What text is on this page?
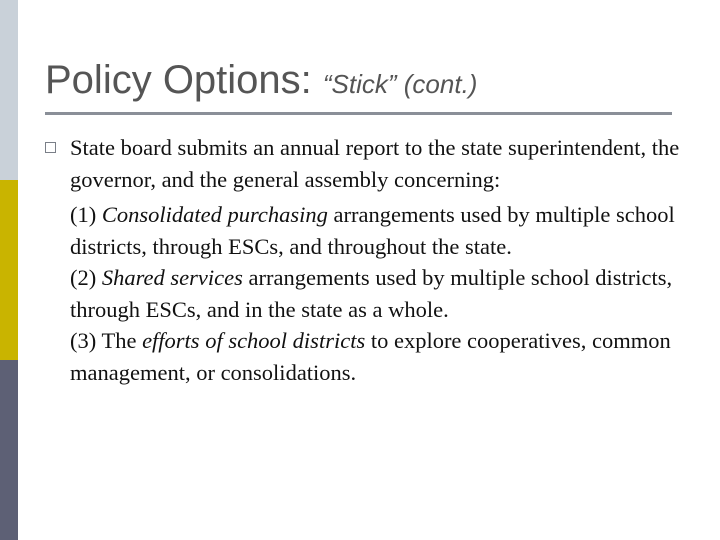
Policy Options: “Stick” (cont.)
State board submits an annual report to the state superintendent, the governor, and the general assembly concerning:
(1) Consolidated purchasing arrangements used by multiple school districts, through ESCs, and throughout the state.
(2) Shared services arrangements used by multiple school districts, through ESCs, and in the state as a whole.
(3) The efforts of school districts to explore cooperatives, common management, or consolidations.
